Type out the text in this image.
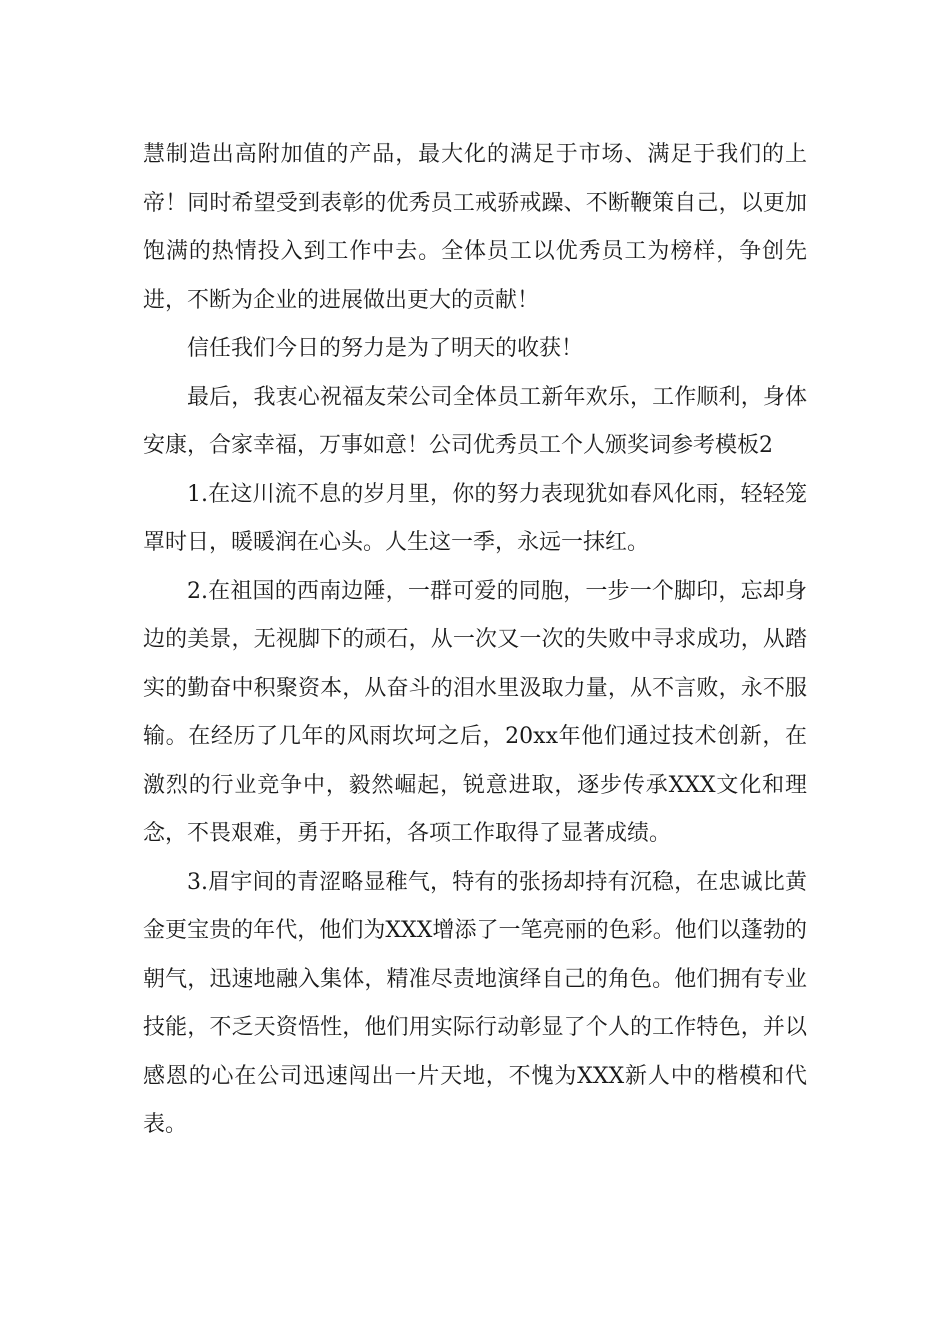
慧制造出高附加值的产品，最大化的满足于市场、满足于我们的上帝！同时希望受到表彰的优秀员工戒骄戒躁、不断鞭策自己，以更加饱满的热情投入到工作中去。全体员工以优秀员工为榜样，争创先进，不断为企业的进展做出更大的贡献！

信任我们今日的努力是为了明天的收获！

最后，我衷心祝福友荣公司全体员工新年欢乐，工作顺利，身体安康，合家幸福，万事如意！公司优秀员工个人颁奖词参考模板2

1.在这川流不息的岁月里，你的努力表现犹如春风化雨，轻轻笼罩时日，暖暖润在心头。人生这一季，永远一抹红。

2.在祖国的西南边陲，一群可爱的同胞，一步一个脚印，忘却身边的美景，无视脚下的顽石，从一次又一次的失败中寻求成功，从踏实的勤奋中积聚资本，从奋斗的泪水里汲取力量，从不言败，永不服输。在经历了几年的风雨坎坷之后，20xx年他们通过技术创新，在激烈的行业竞争中，毅然崛起，锐意进取，逐步传承XXX文化和理念，不畏艰难，勇于开拓，各项工作取得了显著成绩。

3.眉宇间的青涩略显稚气，特有的张扬却持有沉稳，在忠诚比黄金更宝贵的年代，他们为XXX增添了一笔亮丽的色彩。他们以蓬勃的朝气，迅速地融入集体，精准尽责地演绎自己的角色。他们拥有专业技能，不乏天资悟性，他们用实际行动彰显了个人的工作特色，并以感恩的心在公司迅速闯出一片天地，不愧为XXX新人中的楷模和代表。
